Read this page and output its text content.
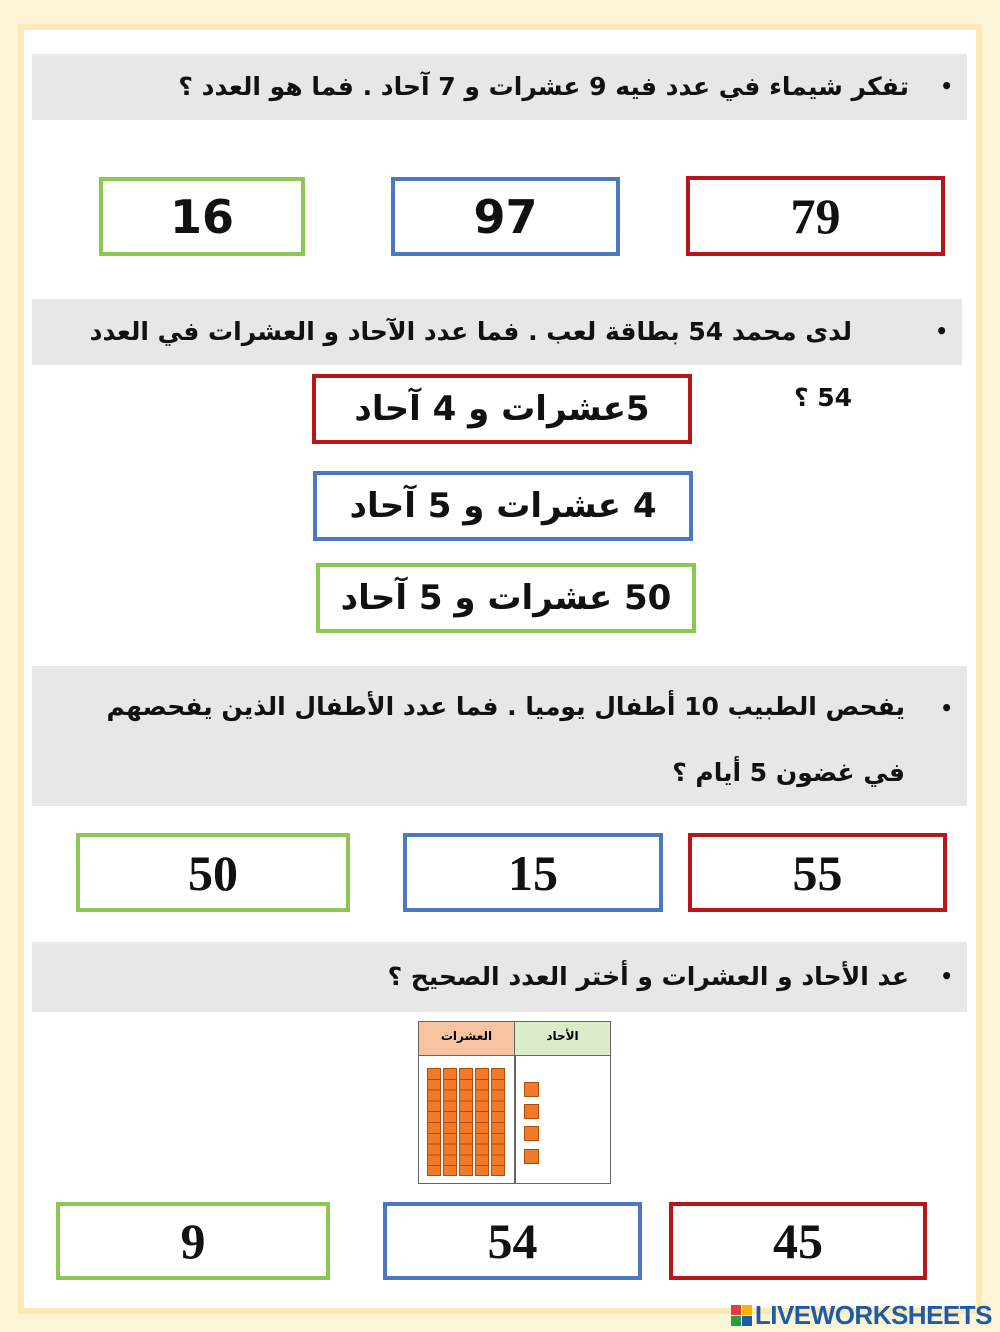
•
تفكر شيماء في عدد فيه 9 عشرات و 7 آحاد . فما هو العدد ؟
79
97
16
•
لدى محمد 54 بطاقة لعب . فما عدد الآحاد و العشرات في العدد 54 ؟
5عشرات و 4 آحاد
4 عشرات و 5 آحاد
50 عشرات و 5 آحاد
•
يفحص الطبيب 10 أطفال يوميا . فما عدد الأطفال الذين يفحصهم في غضون 5 أيام ؟
55
15
50
•
عد الأحاد و العشرات و أختر العدد الصحيح ؟
العشرات	الأحاد
45
54
9
LIVEWORKSHEETS
